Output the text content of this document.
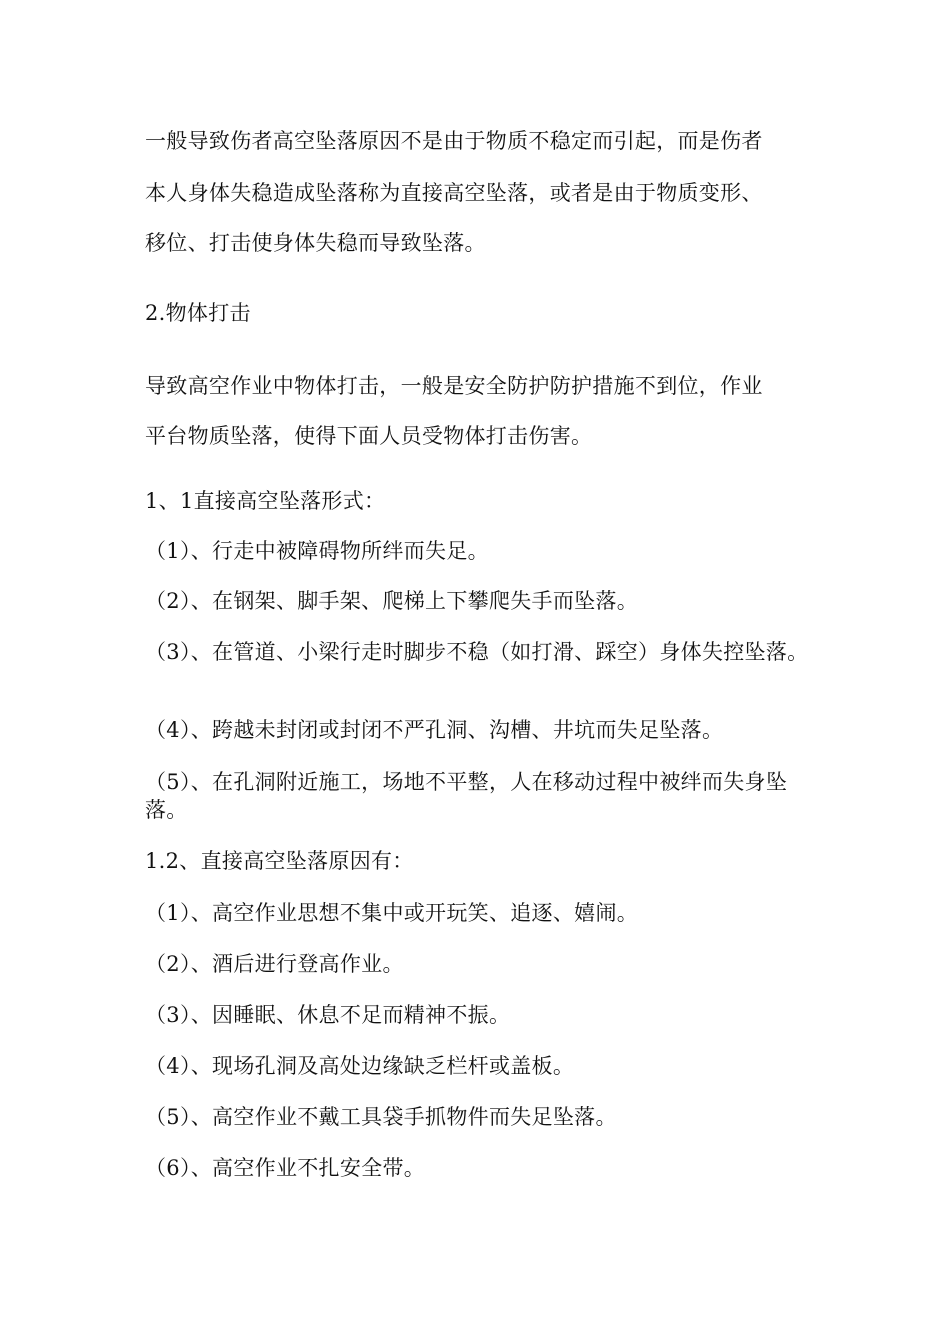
一般导致伤者高空坠落原因不是由于物质不稳定而引起，而是伤者
本人身体失稳造成坠落称为直接高空坠落，或者是由于物质变形、
移位、打击使身体失稳而导致坠落。
2.物体打击
导致高空作业中物体打击，一般是安全防护防护措施不到位，作业
平台物质坠落，使得下面人员受物体打击伤害。
1、1直接高空坠落形式：
（1）、行走中被障碍物所绊而失足。
（2）、在钢架、脚手架、爬梯上下攀爬失手而坠落。
（3）、在管道、小梁行走时脚步不稳（如打滑、踩空）身体失控坠落。
（4）、跨越未封闭或封闭不严孔洞、沟槽、井坑而失足坠落。
（5）、在孔洞附近施工，场地不平整，人在移动过程中被绊而失身坠落。
1.2、直接高空坠落原因有：
（1）、高空作业思想不集中或开玩笑、追逐、嬉闹。
（2）、酒后进行登高作业。
（3）、因睡眠、休息不足而精神不振。
（4）、现场孔洞及高处边缘缺乏栏杆或盖板。
（5）、高空作业不戴工具袋手抓物件而失足坠落。
（6）、高空作业不扎安全带。
